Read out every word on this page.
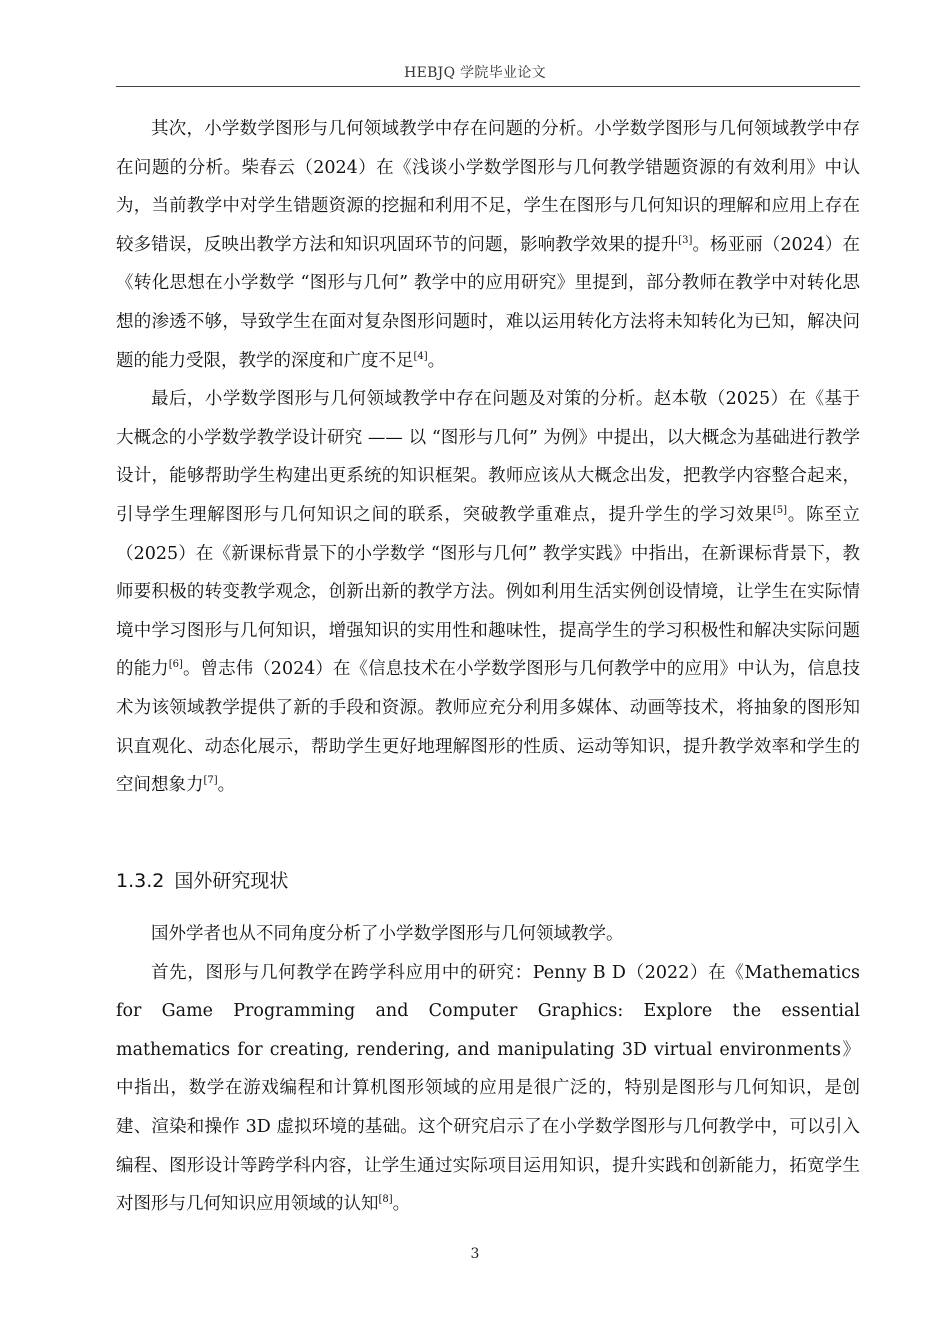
HEBJQ 学院毕业论文

其次，小学数学图形与几何领域教学中存在问题的分析。小学数学图形与几何领域教学中存在问题的分析。柴春云（2024）在《浅谈小学数学图形与几何教学错题资源的有效利用》中认为，当前教学中对学生错题资源的挖掘和利用不足，学生在图形与几何知识的理解和应用上存在较多错误，反映出教学方法和知识巩固环节的问题，影响教学效果的提升[3]。杨亚丽（2024）在《转化思想在小学数学 “图形与几何” 教学中的应用研究》里提到，部分教师在教学中对转化思想的渗透不够，导致学生在面对复杂图形问题时，难以运用转化方法将未知转化为已知，解决问题的能力受限，教学的深度和广度不足[4]。

最后，小学数学图形与几何领域教学中存在问题及对策的分析。赵本敬（2025）在《基于大概念的小学数学教学设计研究 —— 以 “图形与几何” 为例》中提出，以大概念为基础进行教学设计，能够帮助学生构建出更系统的知识框架。教师应该从大概念出发，把教学内容整合起来，引导学生理解图形与几何知识之间的联系，突破教学重难点，提升学生的学习效果[5]。陈至立（2025）在《新课标背景下的小学数学 “图形与几何” 教学实践》中指出，在新课标背景下，教师要积极的转变教学观念，创新出新的教学方法。例如利用生活实例创设情境，让学生在实际情境中学习图形与几何知识，增强知识的实用性和趣味性，提高学生的学习积极性和解决实际问题的能力[6]。曾志伟（2024）在《信息技术在小学数学图形与几何教学中的应用》中认为，信息技术为该领域教学提供了新的手段和资源。教师应充分利用多媒体、动画等技术，将抽象的图形知识直观化、动态化展示，帮助学生更好地理解图形的性质、运动等知识，提升教学效率和学生的空间想象力[7]。

1.3.2 国外研究现状

国外学者也从不同角度分析了小学数学图形与几何领域教学。

首先，图形与几何教学在跨学科应用中的研究：Penny B D（2022）在《Mathematics for Game Programming and Computer Graphics: Explore the essential mathematics for creating, rendering, and manipulating 3D virtual environments》中指出，数学在游戏编程和计算机图形领域的应用是很广泛的，特别是图形与几何知识，是创建、渲染和操作 3D 虚拟环境的基础。这个研究启示了在小学数学图形与几何教学中，可以引入编程、图形设计等跨学科内容，让学生通过实际项目运用知识，提升实践和创新能力，拓宽学生对图形与几何知识应用领域的认知[8]。

3
